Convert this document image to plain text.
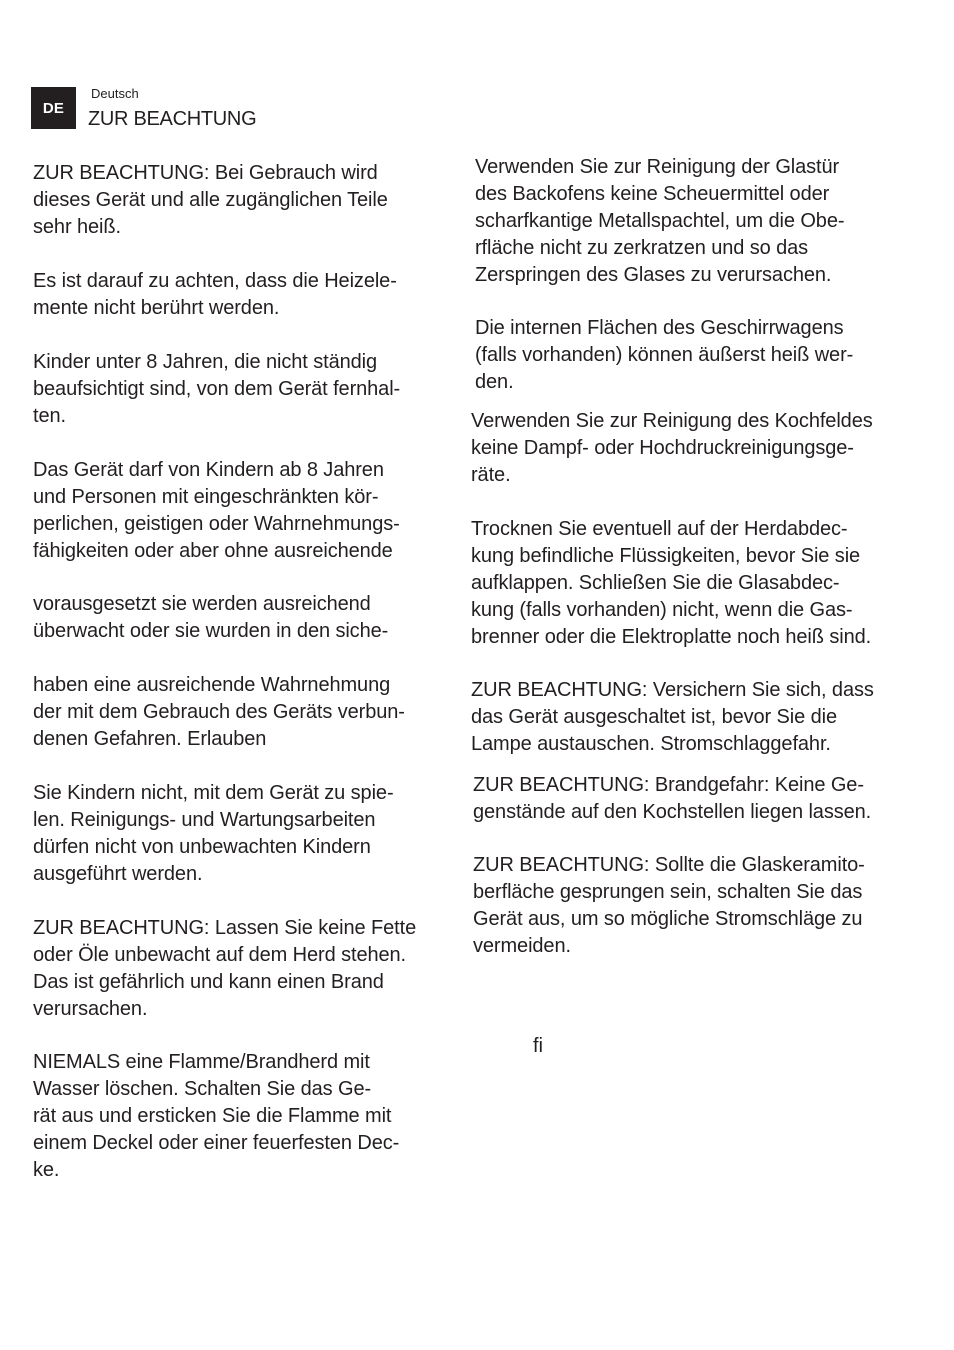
DE
Deutsch
ZUR BEACHTUNG

ZUR BEACHTUNG: Bei Gebrauch wird
dieses Gerät und alle zugänglichen Teile
sehr heiß.

Es ist darauf zu achten, dass die Heizele-
mente nicht berührt werden.

Kinder unter 8 Jahren, die nicht ständig
beaufsichtigt sind, von dem Gerät fernhal-
ten.

Das Gerät darf von Kindern ab 8 Jahren
und Personen mit eingeschränkten kör-
perlichen, geistigen oder Wahrnehmungs-
fähigkeiten oder aber ohne ausreichende

vorausgesetzt sie werden ausreichend
überwacht oder sie wurden in den siche-

haben eine ausreichende Wahrnehmung
der mit dem Gebrauch des Geräts verbun-
denen Gefahren. Erlauben

Sie Kindern nicht, mit dem Gerät zu spie-
len. Reinigungs- und Wartungsarbeiten
dürfen nicht von unbewachten Kindern
ausgeführt werden.

ZUR BEACHTUNG: Lassen Sie keine Fette
oder Öle unbewacht auf dem Herd stehen.
Das ist gefährlich und kann einen Brand
verursachen.

NIEMALS eine Flamme/Brandherd mit
Wasser löschen. Schalten Sie das Ge-
rät aus und ersticken Sie die Flamme mit
einem Deckel oder einer feuerfesten Dec-
ke.

Verwenden Sie zur Reinigung der Glastür
des Backofens keine Scheuermittel oder
scharfkantige Metallspachtel, um die Obe-
rfläche nicht zu zerkratzen und so das
Zerspringen des Glases zu verursachen.

Die internen Flächen des Geschirrwagens
(falls vorhanden) können äußerst heiß wer-
den.

Verwenden Sie zur Reinigung des Kochfeldes
keine Dampf- oder Hochdruckreinigungsge-
räte.

Trocknen Sie eventuell auf der Herdabdec-
kung befindliche Flüssigkeiten, bevor Sie sie
aufklappen. Schließen Sie die Glasabdec-
kung (falls vorhanden) nicht, wenn die Gas-
brenner oder die Elektroplatte noch heiß sind.

ZUR BEACHTUNG: Versichern Sie sich, dass
das Gerät ausgeschaltet ist, bevor Sie die
Lampe austauschen. Stromschlaggefahr.

ZUR BEACHTUNG: Brandgefahr: Keine Ge-
genstände auf den Kochstellen liegen lassen.

ZUR BEACHTUNG: Sollte die Glaskeramito-
berfläche gesprungen sein, schalten Sie das
Gerät aus, um so mögliche Stromschläge zu
vermeiden.

ﬁ
